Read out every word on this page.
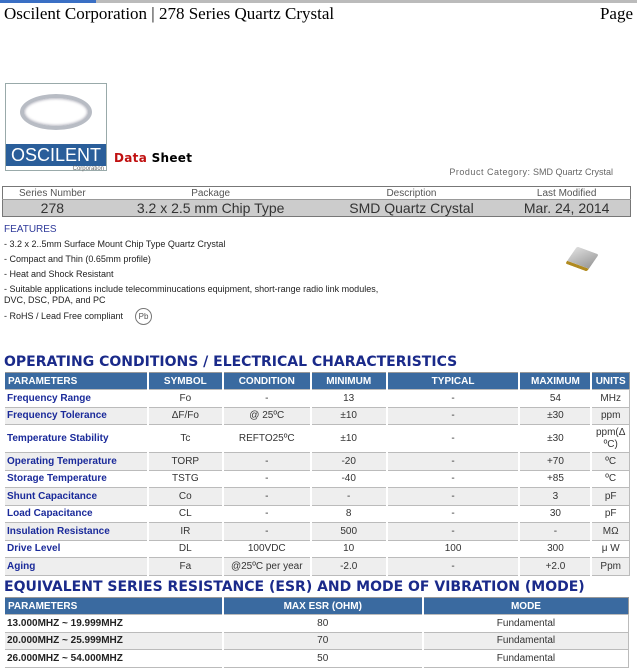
Oscilent Corporation | 278 Series Quartz Crystal	Page
OSCILENT
Corporation
Data Sheet
Product Category: SMD Quartz Crystal
Series Number	Package	Description	Last Modified
278	3.2 x 2.5 mm Chip Type	SMD Quartz Crystal	Mar. 24, 2014
FEATURES
- 3.2 x 2..5mm Surface Mount Chip Type Quartz Crystal
- Compact and Thin (0.65mm profile)
- Heat and Shock Resistant
- Suitable applications include telecomminucations equipment, short-range radio link modules, DVC, DSC, PDA, and PC
- RoHS / Lead Free compliant Pb
OPERATING CONDITIONS / ELECTRICAL CHARACTERISTICS
PARAMETERS	SYMBOL	CONDITION	MINIMUM	TYPICAL	MAXIMUM	UNITS
Frequency Range	Fo	-	13	-	54	MHz
Frequency Tolerance	ΔF/Fo	@ 25ºC	±10	-	±30	ppm
Temperature Stability	Tc	REFTO25ºC	±10	-	±30	ppm(Δ ºC)
Operating Temperature	TORP	-	-20	-	+70	ºC
Storage Temperature	TSTG	-	-40	-	+85	ºC
Shunt Capacitance	Co	-	-	-	3	pF
Load Capacitance	CL	-	8	-	30	pF
Insulation Resistance	IR	-	500	-	-	MΩ
Drive Level	DL	100VDC	10	100	300	μ W
Aging	Fa	@25ºC per year	-2.0	-	+2.0	Ppm
EQUIVALENT SERIES RESISTANCE (ESR) AND MODE OF VIBRATION (MODE)
PARAMETERS	MAX ESR (OHM)	MODE
13.000MHZ ~ 19.999MHZ	80	Fundamental
20.000MHZ ~ 25.999MHZ	70	Fundamental
26.000MHZ ~ 54.000MHZ	50	Fundamental
